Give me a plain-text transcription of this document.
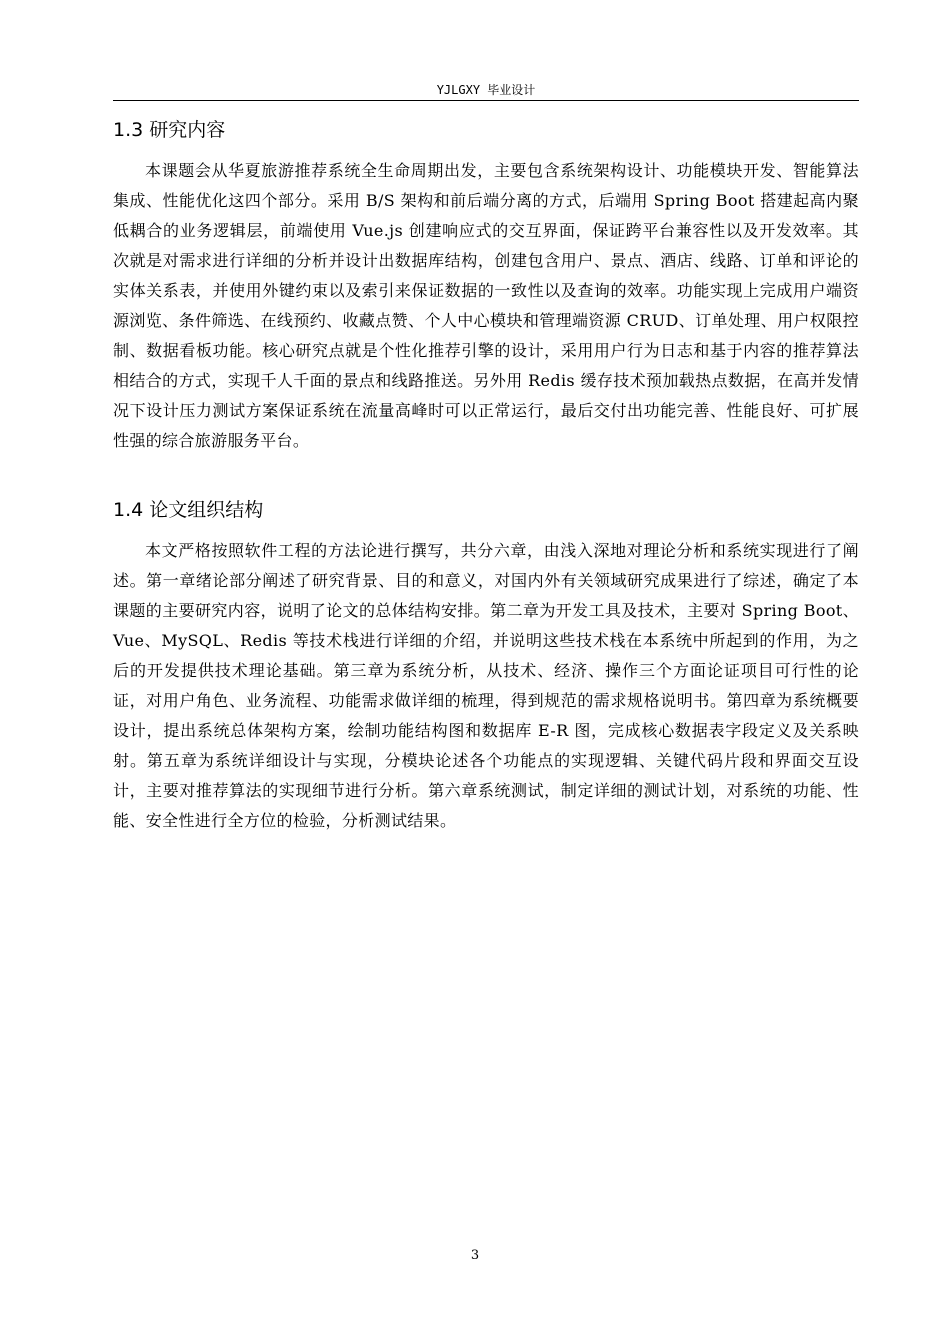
YJLGXY 毕业设计
1.3 研究内容

本课题会从华夏旅游推荐系统全生命周期出发，主要包含系统架构设计、功能模块开发、智能算法集成、性能优化这四个部分。采用 B/S 架构和前后端分离的方式，后端用 Spring Boot 搭建起高内聚低耦合的业务逻辑层，前端使用 Vue.js 创建响应式的交互界面，保证跨平台兼容性以及开发效率。其次就是对需求进行详细的分析并设计出数据库结构，创建包含用户、景点、酒店、线路、订单和评论的实体关系表，并使用外键约束以及索引来保证数据的一致性以及查询的效率。功能实现上完成用户端资源浏览、条件筛选、在线预约、收藏点赞、个人中心模块和管理端资源 CRUD、订单处理、用户权限控制、数据看板功能。核心研究点就是个性化推荐引擎的设计，采用用户行为日志和基于内容的推荐算法相结合的方式，实现千人千面的景点和线路推送。另外用 Redis 缓存技术预加载热点数据，在高并发情况下设计压力测试方案保证系统在流量高峰时可以正常运行，最后交付出功能完善、性能良好、可扩展性强的综合旅游服务平台。

1.4 论文组织结构

本文严格按照软件工程的方法论进行撰写，共分六章，由浅入深地对理论分析和系统实现进行了阐述。第一章绪论部分阐述了研究背景、目的和意义，对国内外有关领域研究成果进行了综述，确定了本课题的主要研究内容，说明了论文的总体结构安排。第二章为开发工具及技术，主要对 Spring Boot、Vue、MySQL、Redis 等技术栈进行详细的介绍，并说明这些技术栈在本系统中所起到的作用，为之后的开发提供技术理论基础。第三章为系统分析，从技术、经济、操作三个方面论证项目可行性的论证，对用户角色、业务流程、功能需求做详细的梳理，得到规范的需求规格说明书。第四章为系统概要设计，提出系统总体架构方案，绘制功能结构图和数据库 E-R 图，完成核心数据表字段定义及关系映射。第五章为系统详细设计与实现，分模块论述各个功能点的实现逻辑、关键代码片段和界面交互设计，主要对推荐算法的实现细节进行分析。第六章系统测试，制定详细的测试计划，对系统的功能、性能、安全性进行全方位的检验，分析测试结果。

3
